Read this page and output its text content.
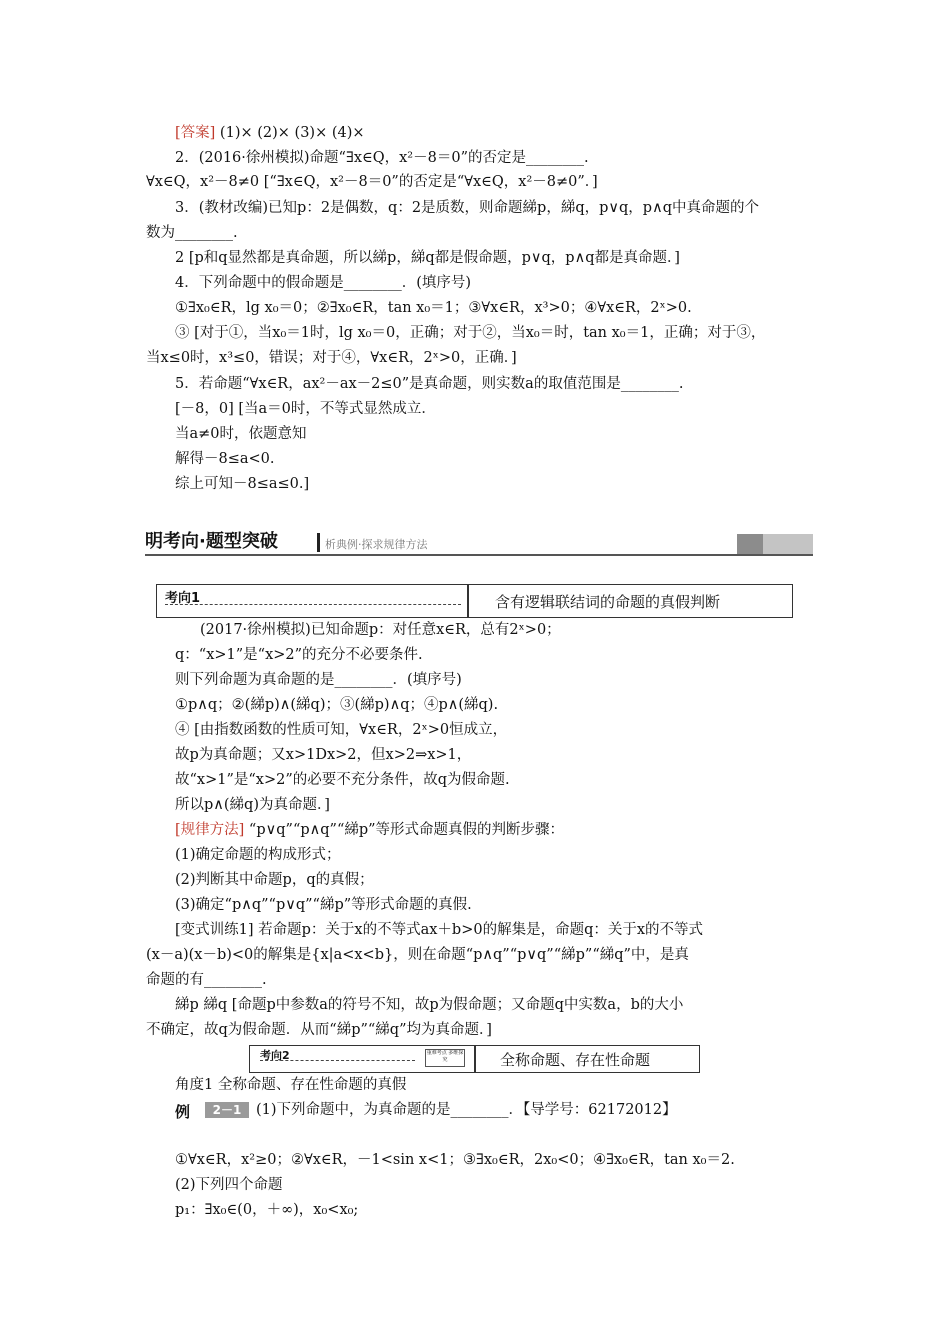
[答案] (1)× (2)× (3)× (4)×
2．(2016·徐州模拟)命题“∃x∈Q，x²－8＝0”的否定是________.
∀x∈Q，x²－8≠0 [“∃x∈Q，x²－8＝0”的否定是“∀x∈Q，x²－8≠0”．]
3．(教材改编)已知p：2是偶数，q：2是质数，则命题綈p，綈q，p∨q，p∧q中真命题的个
数为________.
2 [p和q显然都是真命题，所以綈p，綈q都是假命题，p∨q，p∧q都是真命题．]
4．下列命题中的假命题是________．(填序号)
①∃x₀∈R，lg x₀＝0；②∃x₀∈R，tan x₀＝1；③∀x∈R，x³>0；④∀x∈R，2ˣ>0.
③ [对于①，当x₀＝1时，lg x₀＝0，正确；对于②，当x₀＝时，tan x₀＝1，正确；对于③，
当x≤0时，x³≤0，错误；对于④，∀x∈R，2ˣ>0，正确．]
5．若命题“∀x∈R，ax²－ax－2≤0”是真命题，则实数a的取值范围是________.
[－8，0] [当a＝0时，不等式显然成立．
当a≠0时，依题意知
解得－8≤a<0.
综上可知－8≤a≤0.]
明考向·题型突破	析典例·探求规律方法
考向1	含有逻辑联结词的命题的真假判断
(2017·徐州模拟)已知命题p：对任意x∈R，总有2ˣ>0；
q：“x>1”是“x>2”的充分不必要条件.
则下列命题为真命题的是________．(填序号)
①p∧q；②(綈p)∧(綈q)；③(綈p)∧q；④p∧(綈q).
④ [由指数函数的性质可知，∀x∈R，2ˣ>0恒成立，
故p为真命题；又x>1Dx>2，但x>2⇒x>1，
故“x>1”是“x>2”的必要不充分条件，故q为假命题.
所以p∧(綈q)为真命题．]
[规律方法] “p∨q”“p∧q”“綈p”等形式命题真假的判断步骤：
(1)确定命题的构成形式；
(2)判断其中命题p，q的真假；
(3)确定“p∧q”“p∨q”“綈p”等形式命题的真假.
[变式训练1] 若命题p：关于x的不等式ax＋b>0的解集是，命题q：关于x的不等式
(x－a)(x－b)<0的解集是{x|a<x<b}，则在命题“p∧q”“p∨q”“綈p”“綈q”中，是真
命题的有________.
綈p 綈q [命题p中参数a的符号不知，故p为假命题；又命题q中实数a，b的大小
不确定，故q为假命题．从而“綈p”“綈q”均为真命题．]
考向2	重难考点 多维探究	全称命题、存在性命题
例	2－1	(1)下列命题中，为真命题的是________．【导学号：62172012】
角度1 全称命题、存在性命题的真假
①∀x∈R，x²≥0；②∀x∈R，－1<sin x<1；③∃x₀∈R，2x₀<0；④∃x₀∈R，tan x₀＝2.
(2)下列四个命题
p₁：∃x₀∈(0，＋∞)，x₀<x₀;
